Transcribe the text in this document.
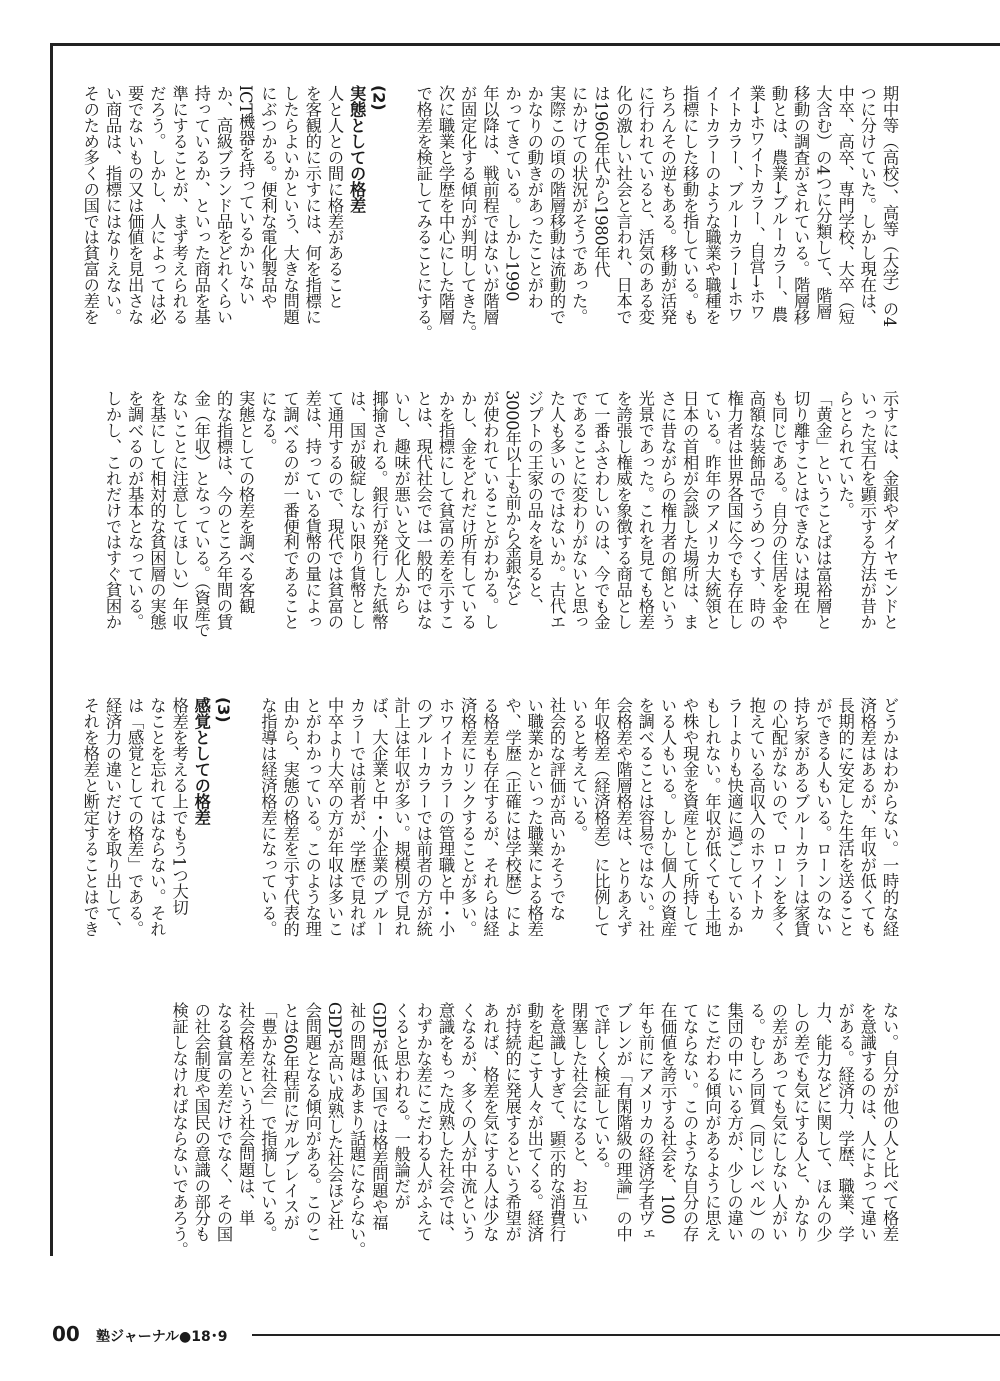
期中等（高校）、高等（大学）の4
つに分けていた。しかし現在は、
中卒、高卒、専門学校、大卒（短
大含む）の4つに分類して、階層
移動の調査がされている。階層移
動とは、農業→ブルーカラー、農
業→ホワイトカラー、自営→ホワ
イトカラー、ブルーカラー→ホワ
イトカラーのような職業や職種を
指標にした移動を指している。も
ちろんその逆もある。移動が活発
に行われていると、活気のある変
化の激しい社会と言われ、日本で
は1960年代から1980年代
にかけての状況がそうであった。
実際この頃の階層移動は流動的で
かなりの動きがあったことがわ
かってきている。しかし1990
年以降は、戦前程ではないが階層
が固定化する傾向が判明してきた。
次に職業と学歴を中心にした階層
で格差を検証してみることにする。
(2)
実態としての格差
人と人との間に格差があること
を客観的に示すには、何を指標に
したらよいかという、大きな問題
にぶつかる。便利な電化製品や
ICT機器を持っているかいない
か、高級ブランド品をどれくらい
持っているか、といった商品を基
準にすることが、まず考えられる
だろう。しかし、人によっては必
要でないもの又は価値を見出さな
い商品は、指標にはなりえない。
そのため多くの国では貧富の差を
示すには、金銀やダイヤモンドと
いった宝石を顕示する方法が昔か
らとられていた。
「黄金」ということばは富裕層と
切り離すことはできないは現在
も同じである。自分の住居を金や
高額な装飾品でうめつくす、時の
権力者は世界各国に今でも存在し
ている。昨年のアメリカ大統領と
日本の首相が会談した場所は、ま
さに昔ながらの権力者の館という
光景であった。これを見ても格差
を誇張し権威を象徴する商品とし
て一番ふさわしいのは、今でも金
であることに変わりがないと思っ
た人も多いのではないか。古代エ
ジプトの王家の品々を見ると、
3000年以上も前から金銀など
が使われていることがわかる。し
かし、金をどれだけ所有している
かを指標にして貧富の差を示すこ
とは、現代社会では一般的ではな
いし、趣味が悪いと文化人から
揶揄される。銀行が発行した紙幣
は、国が破綻しない限り貨幣とし
て通用するので、現代では貧富の
差は、持っている貨幣の量によっ
て調べるのが一番便利であること
になる。
実態としての格差を調べる客観
的な指標は、今のところ年間の賃
金（年収）となっている。（資産で
ないことに注意してほしい）年収
を基にして相対的な貧困層の実態
を調べるのが基本となっている。
しかし、これだけではすぐ貧困か
どうかはわからない。一時的な経
済格差はあるが、年収が低くても
長期的に安定した生活を送ること
ができる人もいる。ローンのない
持ち家があるブルーカラーは家賃
の心配がないので、ローンを多く
抱えている高収入のホワイトカ
ラーよりも快適に過ごしているか
もしれない。年収が低くても土地
や株や現金を資産として所持して
いる人もいる。しかし個人の資産
を調べることは容易ではない。社
会格差や階層格差は、とりあえず
年収格差（経済格差）に比例して
いると考えている。
社会的な評価が高いかそうでな
い職業かといった職業による格差
や、学歴（正確には学校歴）によ
る格差も存在するが、それらは経
済格差にリンクすることが多い。
ホワイトカラーの管理職と中・小
のブルーカラーでは前者の方が統
計上は年収が多い。規模別で見れ
ば、大企業と中・小企業のブルー
カラーでは前者が、学歴で見れば
中卒より大卒の方が年収は多いこ
とがわかっている。このような理
由から、実態の格差を示す代表的
な指導は経済格差になっている。
(3)
感覚としての格差
格差を考える上でもう1つ大切
なことを忘れてはならない。それ
は「感覚としての格差」である。
経済力の違いだけを取り出して、
それを格差と断定することはでき
ない。自分が他の人と比べて格差
を意識するのは、人によって違い
がある。経済力、学歴、職業、学
力、能力などに関して、ほんの少
しの差でも気にする人と、かなり
の差があっても気にしない人がい
る。むしろ同質（同じレベル）の
集団の中にいる方が、少しの違い
にこだわる傾向があるように思え
てならない。このような自分の存
在価値を誇示する社会を、100
年も前にアメリカの経済学者ヴェ
ブレンが「有閑階級の理論」の中
で詳しく検証している。
閉塞した社会になると、お互い
を意識しすぎて、顕示的な消費行
動を起こす人々が出てくる。経済
が持続的に発展するという希望が
あれば、格差を気にする人は少な
くなるが、多くの人が中流という
意識をもった成熟した社会では、
わずかな差にこだわる人がふえて
くると思われる。一般論だが
GDPが低い国では格差問題や福
祉の問題はあまり話題にならない。
GDPが高い成熟した社会ほど社
会問題となる傾向がある。このこ
とは60年程前にガルブレイスが
「豊かな社会」で指摘している。
社会格差という社会問題は、単
なる貧富の差だけでなく、その国
の社会制度や国民の意識の部分も
検証しなければならないであろう。
00 塾ジャーナル●18･9
